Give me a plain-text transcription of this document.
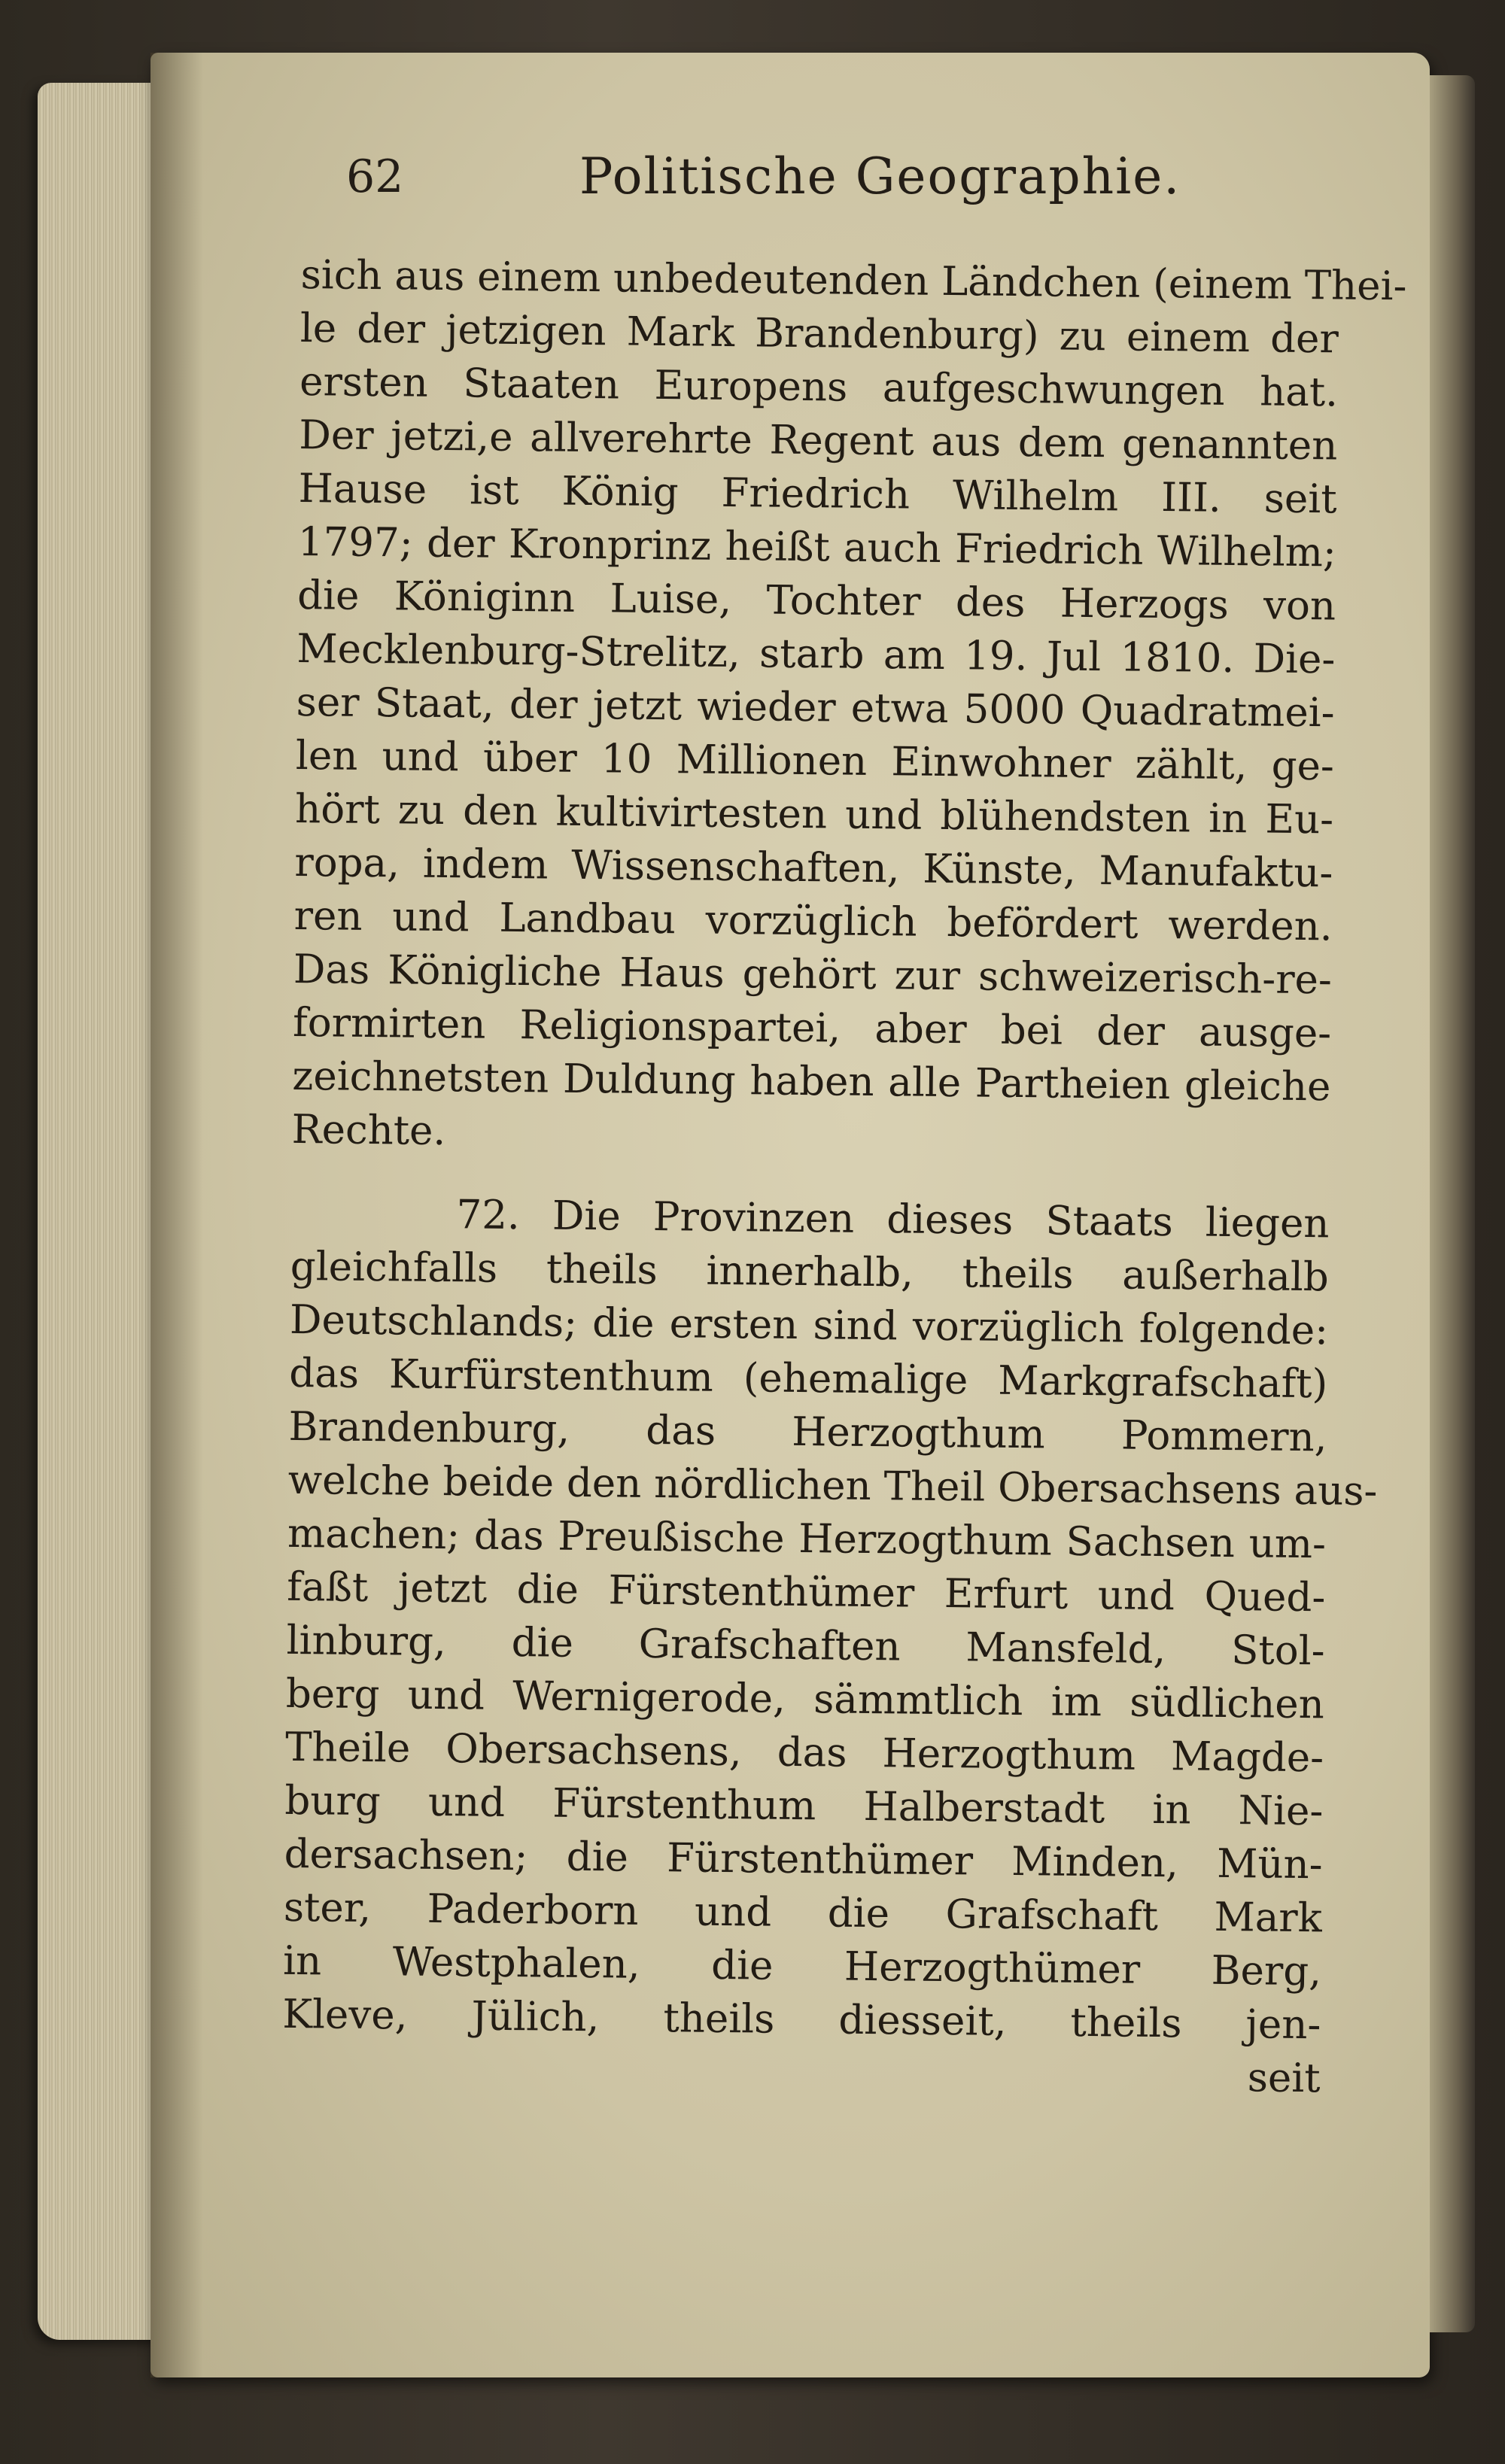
62	Politische Geographie.
sich aus einem unbedeutenden Ländchen (einem Thei-
le der jetzigen Mark Brandenburg) zu einem der
ersten Staaten Europens aufgeschwungen hat.
Der jetzi,e allverehrte Regent aus dem genannten
Hause ist König Friedrich Wilhelm III. seit
1797; der Kronprinz heißt auch Friedrich Wilhelm;
die Königinn Luise, Tochter des Herzogs von
Mecklenburg-Strelitz, starb am 19. Jul 1810. Die-
ser Staat, der jetzt wieder etwa 5000 Quadratmei-
len und über 10 Millionen Einwohner zählt, ge-
hört zu den kultivirtesten und blühendsten in Eu-
ropa, indem Wissenschaften, Künste, Manufaktu-
ren und Landbau vorzüglich befördert werden.
Das Königliche Haus gehört zur schweizerisch-re-
formirten Religionspartei, aber bei der ausge-
zeichnetsten Duldung haben alle Partheien gleiche
Rechte.
72. Die Provinzen dieses Staats liegen
gleichfalls theils innerhalb, theils außerhalb
Deutschlands; die ersten sind vorzüglich folgende:
das Kurfürstenthum (ehemalige Markgrafschaft)
Brandenburg, das Herzogthum Pommern,
welche beide den nördlichen Theil Obersachsens aus-
machen; das Preußische Herzogthum Sachsen um-
faßt jetzt die Fürstenthümer Erfurt und Qued-
linburg, die Grafschaften Mansfeld, Stol-
berg und Wernigerode, sämmtlich im südlichen
Theile Obersachsens, das Herzogthum Magde-
burg und Fürstenthum Halberstadt in Nie-
dersachsen; die Fürstenthümer Minden, Mün-
ster, Paderborn und die Grafschaft Mark
in Westphalen, die Herzogthümer Berg,
Kleve, Jülich, theils diesseit, theils jen-
seit
